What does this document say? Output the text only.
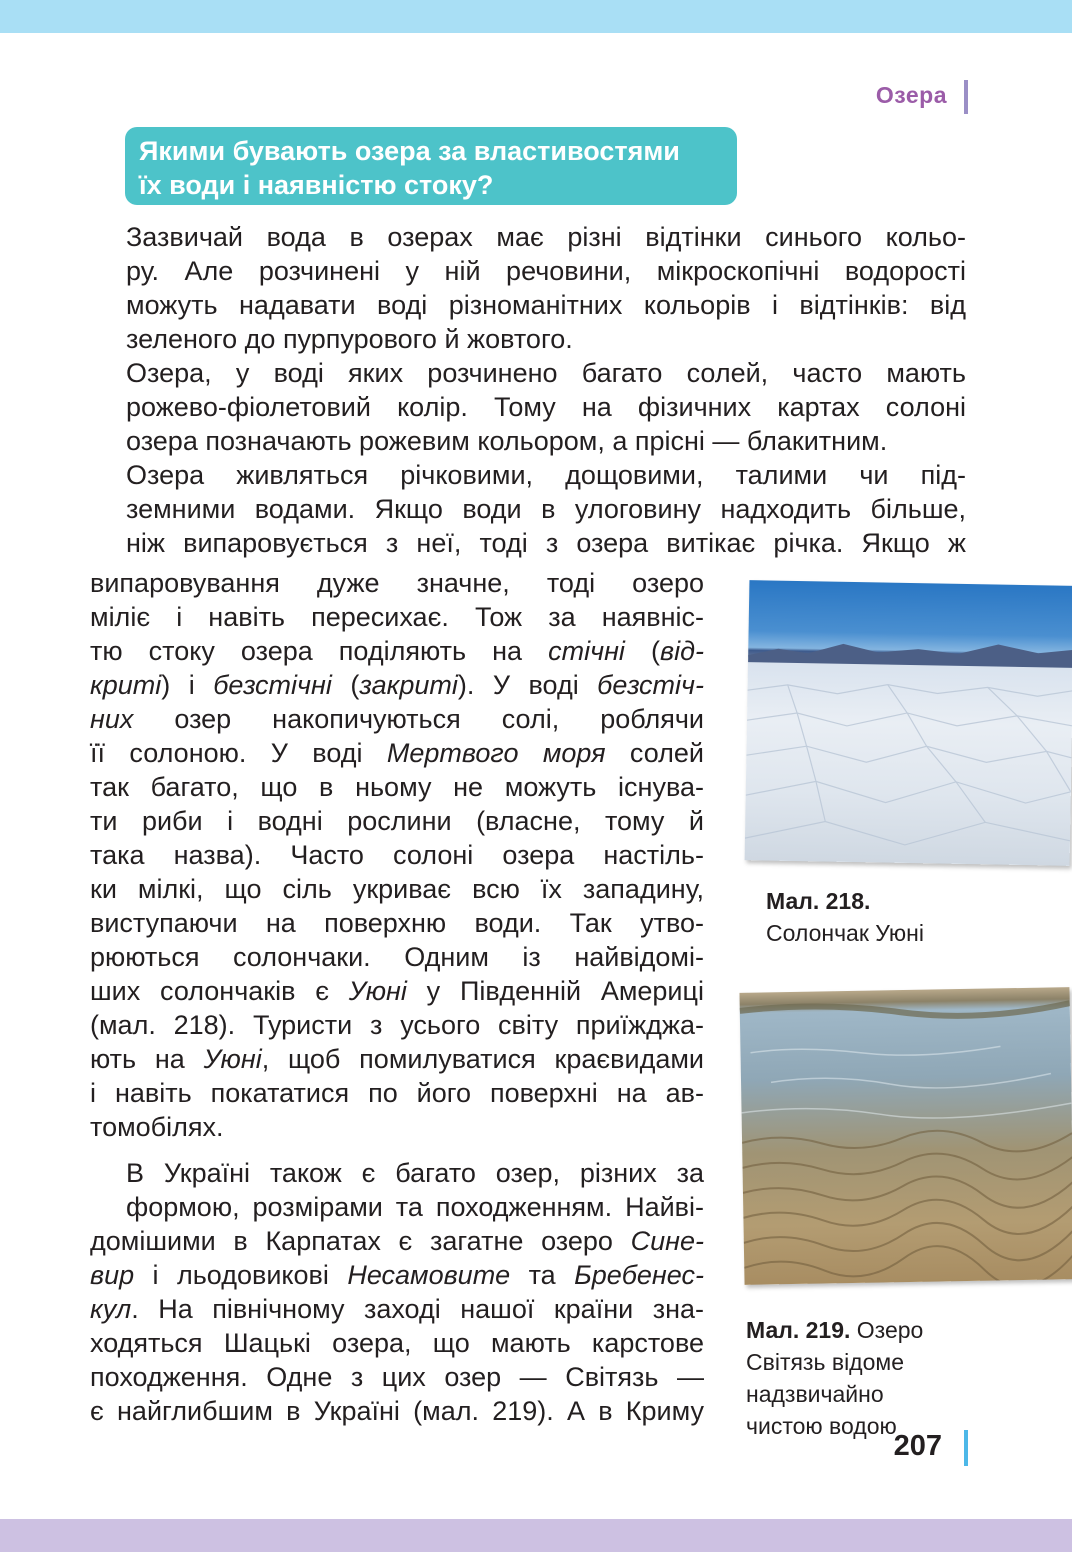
Озера
Якими бувають озера за властивостями
їх води і наявністю стоку?

Зазвичай вода в озерах має різні відтінки синього кольо-
ру. Але розчинені у ній речовини, мікроскопічні водорості
можуть надавати воді різноманітних кольорів і відтінків: від
зеленого до пурпурового й жовтого.

Озера, у воді яких розчинено багато солей, часто мають
рожево-фіолетовий колір. Тому на фізичних картах солоні
озера позначають рожевим кольором, а прісні — блакитним.

Озера живляться річковими, дощовими, талими чи під-
земними водами. Якщо води в улоговину надходить більше,
ніж випаровується з неї, тоді з озера витікає річка. Якщо ж

випаровування дуже значне, тоді озеро
міліє і навіть пересихає. Тож за наявніс-
тю стоку озера поділяють на стічні (від-
криті) і безстічні (закриті). У воді безстіч-
них озер накопичуються солі, роблячи
її солоною. У воді Мертвого моря солей
так багато, що в ньому не можуть існува-
ти риби і водні рослини (власне, тому й
така назва). Часто солоні озера настіль-
ки мілкі, що сіль укриває всю їх западину,
виступаючи на поверхню води. Так утво-
рюються солончаки. Одним із найвідомі-
ших солончаків є Уюні у Південній Америці
(мал. 218). Туристи з усього світу приїжджа-
ють на Уюні, щоб помилуватися краєвидами
і навіть покататися по його поверхні на ав-
томобілях.

В Україні також є багато озер, різних за
формою, розмірами та походженням. Найві-
домішими в Карпатах є загатне озеро Сине-
вир і льодовикові Несамовите та Бребенес-
кул. На північному заході нашої країни зна-
ходяться Шацькі озера, що мають карстове
походження. Одне з цих озер — Світязь —
є найглибшим в Україні (мал. 219). А в Криму

Мал. 218.
Солончак Уюні
Мал. 219. Озеро
Світязь відоме
надзвичайно
чистою водою
207
